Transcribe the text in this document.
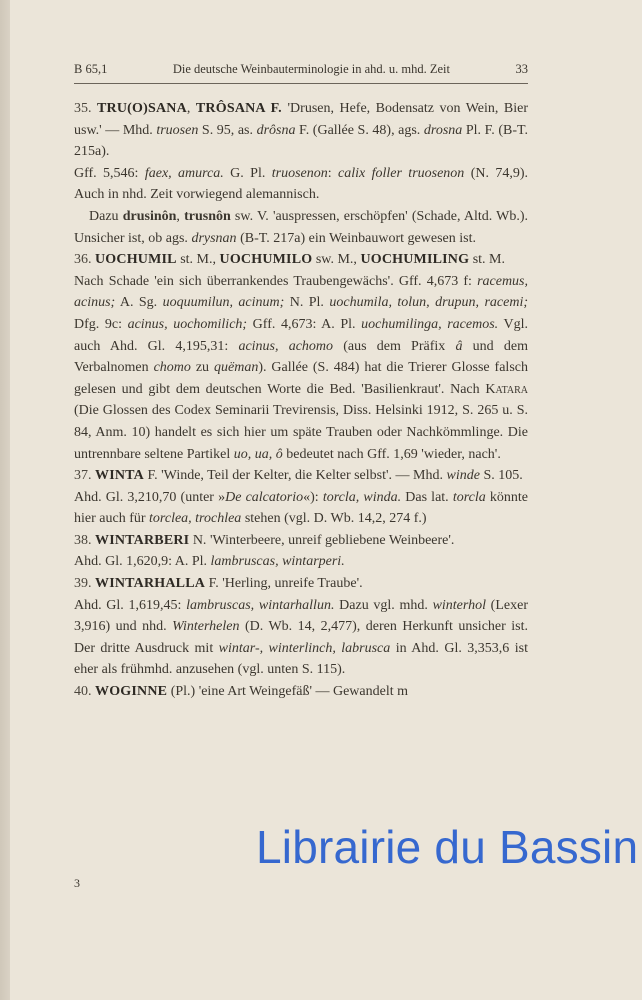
B 65,1	Die deutsche Weinbauterminologie in ahd. u. mhd. Zeit	33

35. TRU(O)SANA, TRÔSANA F. 'Drusen, Hefe, Bodensatz von Wein, Bier usw.' — Mhd. truosen S. 95, as. drôsna F. (Gallée S. 48), ags. drosna Pl. F. (B-T. 215a).

Gff. 5,546: faex, amurca. G. Pl. truosenon: calix foller truosenon (N. 74,9). Auch in nhd. Zeit vorwiegend alemannisch.

Dazu drusinôn, trusnôn sw. V. 'auspressen, erschöpfen' (Schade, Altd. Wb.). Unsicher ist, ob ags. drysnan (B-T. 217a) ein Weinbauwort gewesen ist.

36. UOCHUMIL st. M., UOCHUMILO sw. M., UOCHUMILING st. M.

Nach Schade 'ein sich überrankendes Traubengewächs'. Gff. 4,673 f: racemus, acinus; A. Sg. uoquumilun, acinum; N. Pl. uochumila, tolun, drupun, racemi; Dfg. 9c: acinus, uochomilich; Gff. 4,673: A. Pl. uochumilinga, racemos. Vgl. auch Ahd. Gl. 4,195,31: acinus, achomo (aus dem Präfix â und dem Verbalnomen chomo zu quëman). Gallée (S. 484) hat die Trierer Glosse falsch gelesen und gibt dem deutschen Worte die Bed. 'Basilienkraut'. Nach Katara (Die Glossen des Codex Seminarii Trevirensis, Diss. Helsinki 1912, S. 265 u. S. 84, Anm. 10) handelt es sich hier um späte Trauben oder Nachkömmlinge. Die untrennbare seltene Partikel uo, ua, ô bedeutet nach Gff. 1,69 'wieder, nach'.

37. WINTA F. 'Winde, Teil der Kelter, die Kelter selbst'. — Mhd. winde S. 105.

Ahd. Gl. 3,210,70 (unter »De calcatorio«): torcla, winda. Das lat. torcla könnte hier auch für torclea, trochlea stehen (vgl. D. Wb. 14,2, 274 f.)

38. WINTARBERI N. 'Winterbeere, unreif gebliebene Weinbeere'.

Ahd. Gl. 1,620,9: A. Pl. lambruscas, wintarperi.

39. WINTARHALLA F. 'Herling, unreife Traube'.

Ahd. Gl. 1,619,45: lambruscas, wintarhallun. Dazu vgl. mhd. winterhol (Lexer 3,916) und nhd. Winterhelen (D. Wb. 14, 2,477), deren Herkunft unsicher ist. Der dritte Ausdruck mit wintar-, winterlinch, labrusca in Ahd. Gl. 3,353,6 ist eher als frühmhd. anzusehen (vgl. unten S. 115).

40. WOGINNE (Pl.) 'eine Art Weingefäß' — Gewandelt m

3
Librairie du Bassin
